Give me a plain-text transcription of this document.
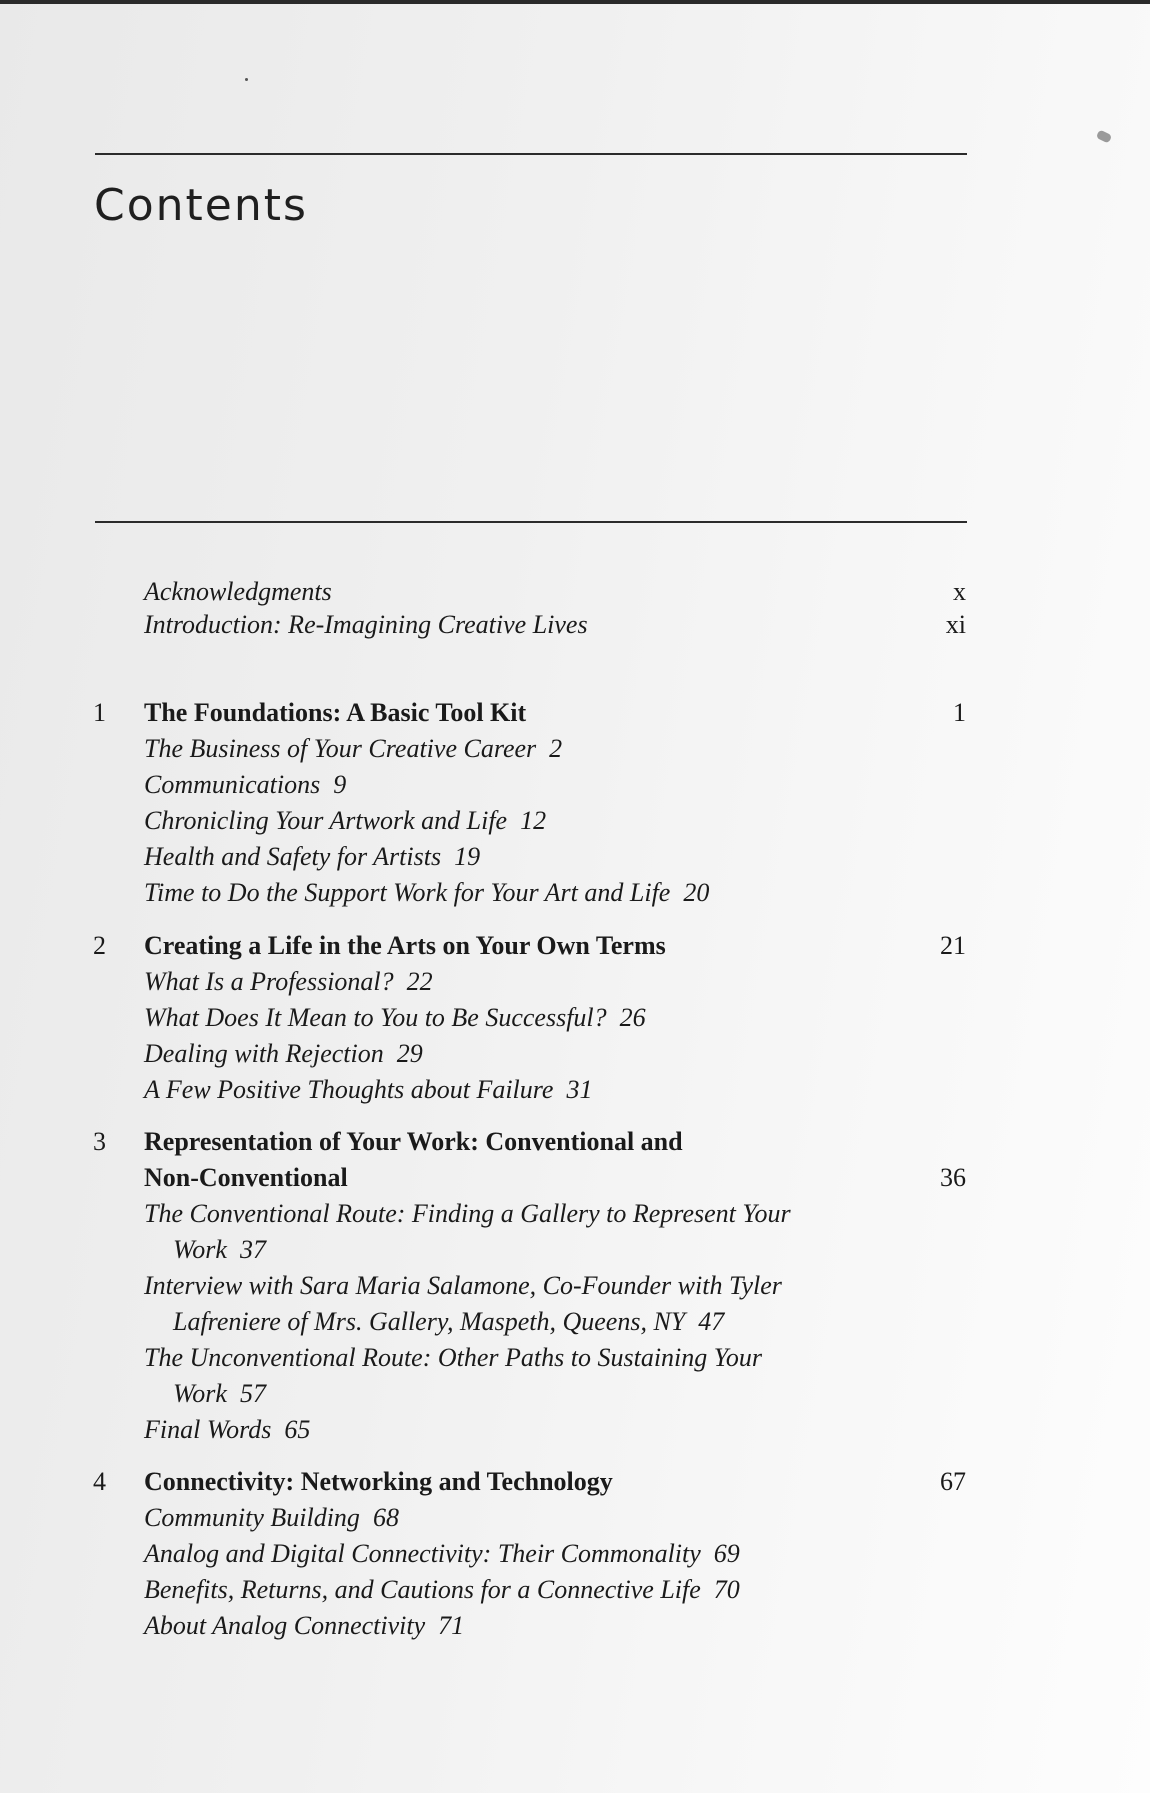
Contents
Acknowledgments	x
Introduction: Re-Imagining Creative Lives	xi
1	The Foundations: A Basic Tool Kit	1
The Business of Your Creative Career 2
Communications 9
Chronicling Your Artwork and Life 12
Health and Safety for Artists 19
Time to Do the Support Work for Your Art and Life 20
2	Creating a Life in the Arts on Your Own Terms	21
What Is a Professional? 22
What Does It Mean to You to Be Successful? 26
Dealing with Rejection 29
A Few Positive Thoughts about Failure 31
3	Representation of Your Work: Conventional and
Non-Conventional	36
The Conventional Route: Finding a Gallery to Represent Your
Work 37
Interview with Sara Maria Salamone, Co-Founder with Tyler
Lafreniere of Mrs. Gallery, Maspeth, Queens, NY 47
The Unconventional Route: Other Paths to Sustaining Your
Work 57
Final Words 65
4	Connectivity: Networking and Technology	67
Community Building 68
Analog and Digital Connectivity: Their Commonality 69
Benefits, Returns, and Cautions for a Connective Life 70
About Analog Connectivity 71
